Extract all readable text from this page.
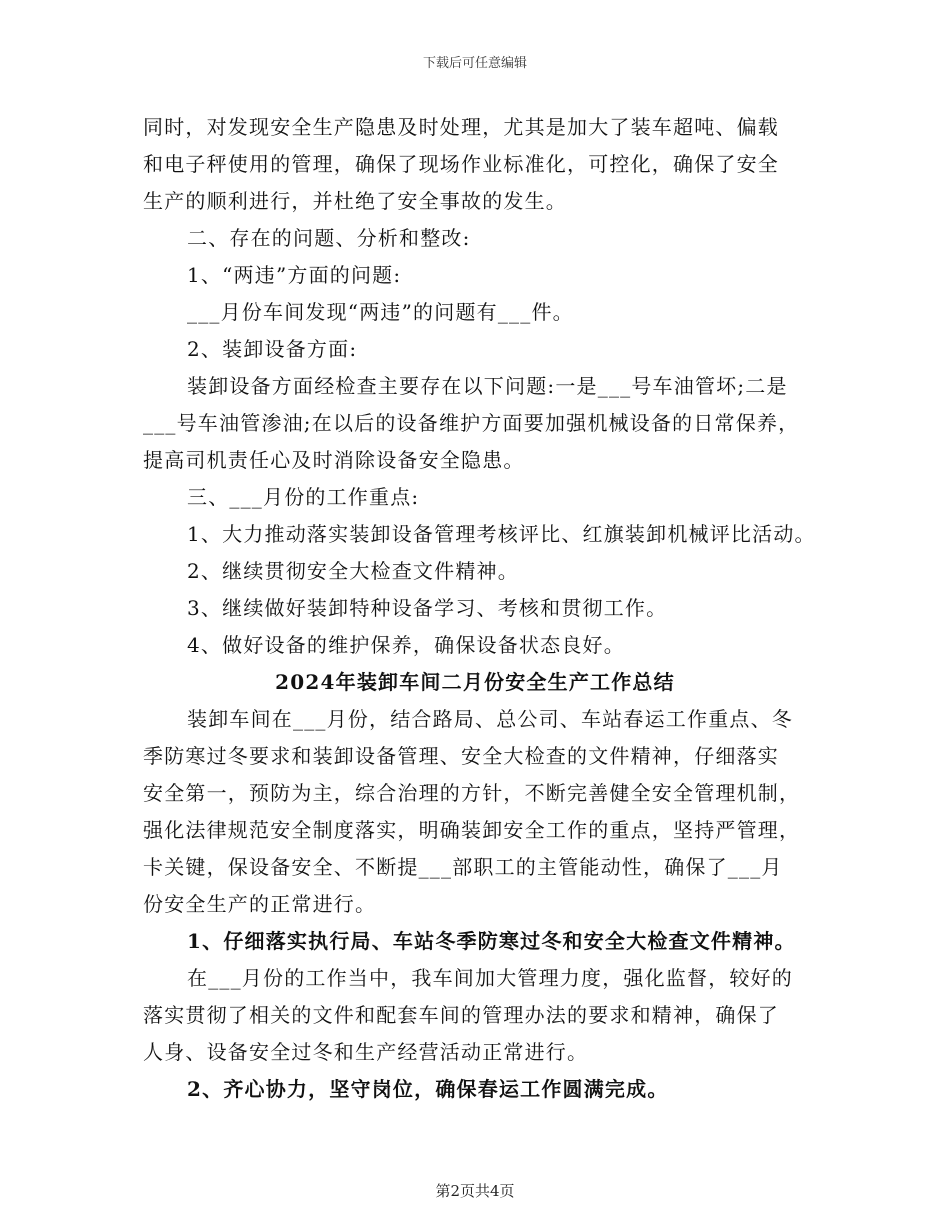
下载后可任意编辑
同时，对发现安全生产隐患及时处理，尤其是加大了装车超吨、偏载
和电子秤使用的管理，确保了现场作业标准化，可控化，确保了安全
生产的顺利进行，并杜绝了安全事故的发生。
二、存在的问题、分析和整改:
1、“两违”方面的问题:
___月份车间发现“两违”的问题有___件。
2、装卸设备方面:
装卸设备方面经检查主要存在以下问题:一是___号车油管坏;二是
___号车油管渗油;在以后的设备维护方面要加强机械设备的日常保养，
提高司机责任心及时消除设备安全隐患。
三、___月份的工作重点:
1、大力推动落实装卸设备管理考核评比、红旗装卸机械评比活动。
2、继续贯彻安全大检查文件精神。
3、继续做好装卸特种设备学习、考核和贯彻工作。
4、做好设备的维护保养，确保设备状态良好。
2024年装卸车间二月份安全生产工作总结
装卸车间在___月份，结合路局、总公司、车站春运工作重点、冬
季防寒过冬要求和装卸设备管理、安全大检查的文件精神，仔细落实
安全第一，预防为主，综合治理的方针，不断完善健全安全管理机制，
强化法律规范安全制度落实，明确装卸安全工作的重点，坚持严管理，
卡关键，保设备安全、不断提___部职工的主管能动性，确保了___月
份安全生产的正常进行。
1、仔细落实执行局、车站冬季防寒过冬和安全大检查文件精神。
在___月份的工作当中，我车间加大管理力度，强化监督，较好的
落实贯彻了相关的文件和配套车间的管理办法的要求和精神，确保了
人身、设备安全过冬和生产经营活动正常进行。
2、齐心协力，坚守岗位，确保春运工作圆满完成。
第2页共4页
